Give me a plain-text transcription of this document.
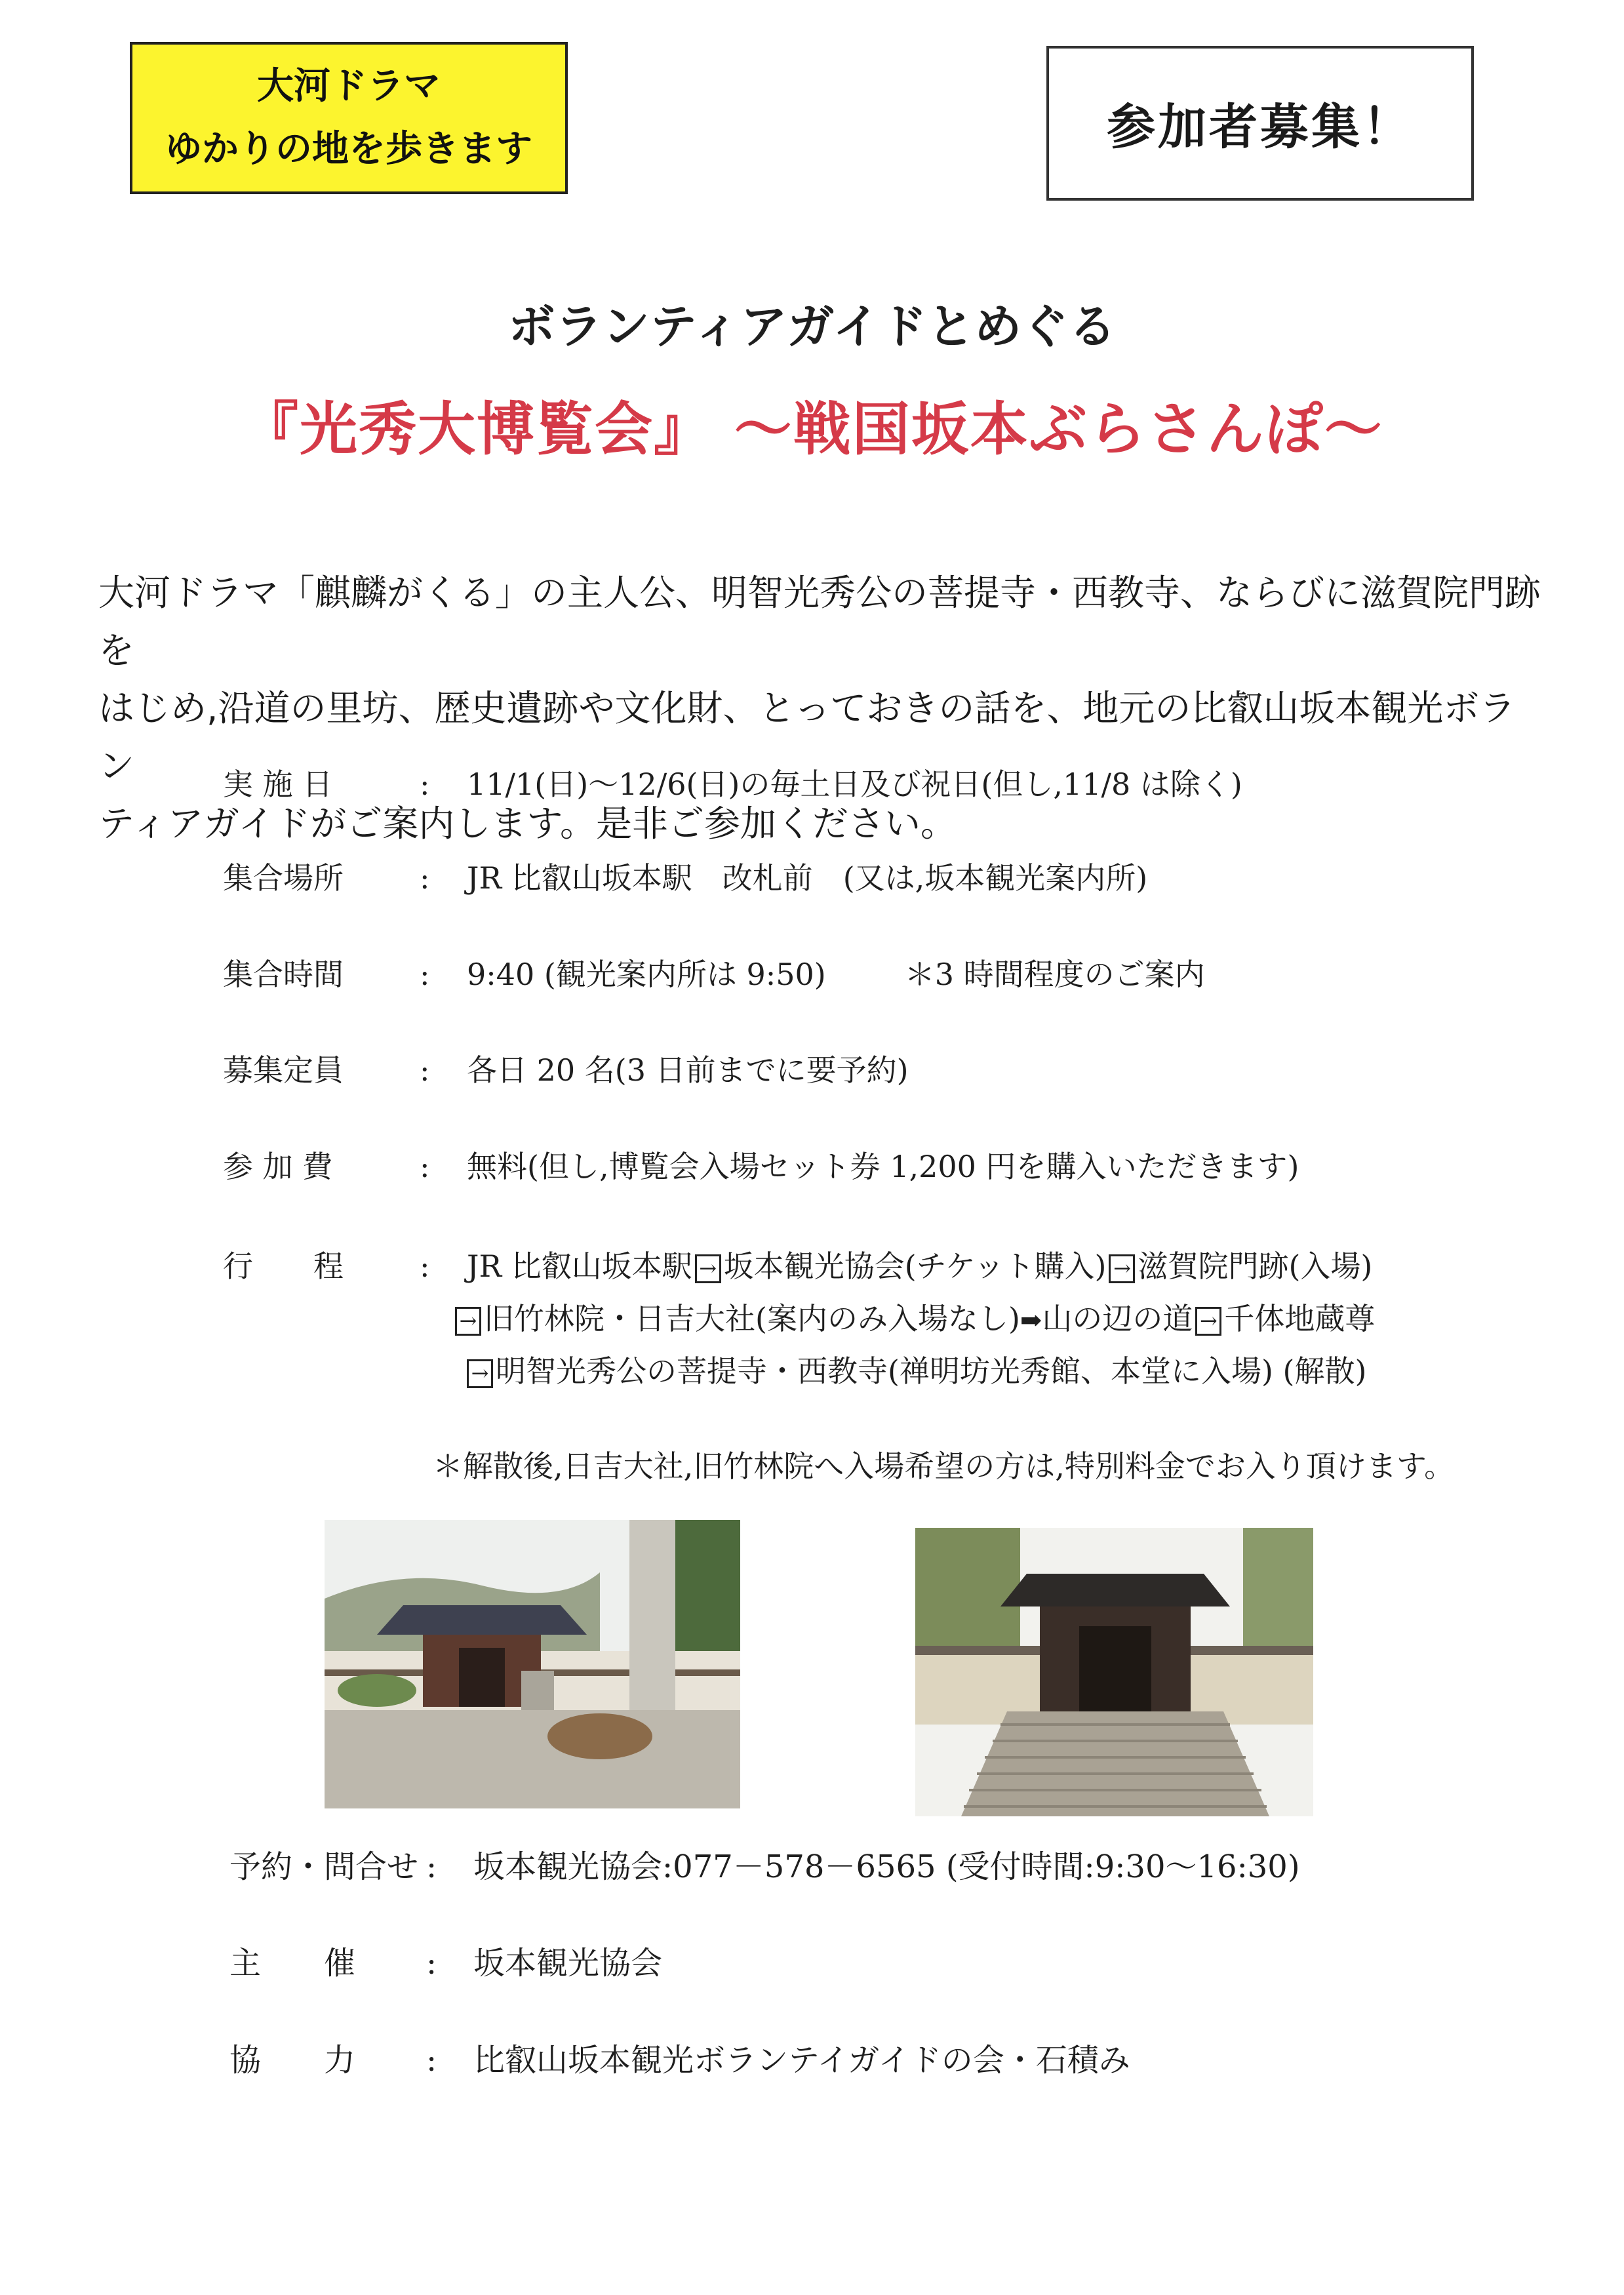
大河ドラマ
ゆかりの地を歩きます	参加者募集！
ボランティアガイドとめぐる
『光秀大博覧会』 ～戦国坂本ぶらさんぽ～
大河ドラマ「麒麟がくる」の主人公、明智光秀公の菩提寺・西教寺、ならびに滋賀院門跡を
はじめ,沿道の里坊、歴史遺跡や文化財、とっておきの話を、地元の比叡山坂本観光ボラン
ティアガイドがご案内します。是非ご参加ください。
実 施 日	: 11/1(日)～12/6(日)の毎土日及び祝日(但し,11/8 は除く)
集合場所	: JR 比叡山坂本駅　改札前　(又は,坂本観光案内所)
集合時間	: 9:40 (観光案内所は 9:50)	＊3 時間程度のご案内
募集定員	: 各日 20 名(3 日前までに要予約)
参 加 費	: 無料(但し,博覧会入場セット券 1,200 円を購入いただきます)
行　　程	: JR 比叡山坂本駅 → 坂本観光協会(チケット購入) → 滋賀院門跡(入場)
→ 旧竹林院・日吉大社(案内のみ入場なし)➡山の辺の道 → 千体地蔵尊
→ 明智光秀公の菩提寺・西教寺(禅明坊光秀館、本堂に入場) (解散)
＊解散後,日吉大社,旧竹林院へ入場希望の方は,特別料金でお入り頂けます。
予約・問合せ : 坂本観光協会:077－578－6565 (受付時間:9:30～16:30)
主　　催 : 坂本観光協会
協　　力 : 比叡山坂本観光ボランテイガイドの会・石積み
